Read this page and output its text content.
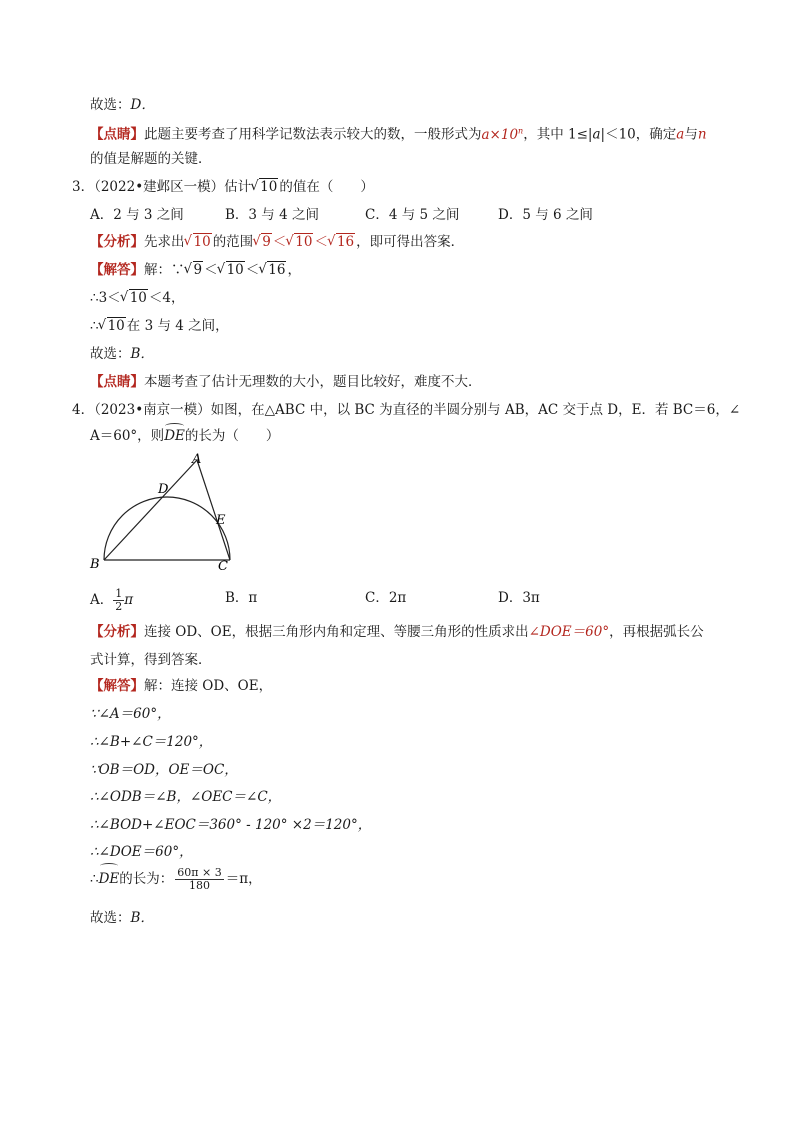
故选：D．
【点睛】此题主要考查了用科学记数法表示较大的数，一般形式为$a\times 10^n$，其中 1≤|a|＜10，确定a与n
的值是解题的关键．
3．（2022•建邺区一模）估计 √ 10 的值在（　　）
A．2 与 3 之间	B．3 与 4 之间	C．4 与 5 之间	D．5 与 6 之间
【分析】先求出 √ 10 的范围 √ 9 ＜ √ 10 ＜ √ 16 ，即可得出答案．
【解答】解：∵ √ 9 ＜ √ 10 ＜ √ 16 ，
∴3＜ √ 10 ＜4，
∴ √ 10 在 3 与 4 之间，
故选：B．
【点睛】本题考查了估计无理数的大小，题目比较好，难度不大．
4．（2023•南京一模）如图，在△ABC 中，以 BC 为直径的半圆分别与 AB，AC 交于点 D，E．若 BC＝6，∠
A＝60°，则DE的长为（　　）
A
B	C
D
E
A． $\frac{1}{2}$ π	B．π	C．2π	D．3π
【分析】连接 OD、OE，根据三角形内角和定理、等腰三角形的性质求出∠DOE＝60°，再根据弧长公
式计算，得到答案．
【解答】解：连接 OD、OE，
∵∠A＝60°，
∴∠B+∠C＝120°，
∵OB＝OD，OE＝OC，
∴∠ODB＝∠B，∠OEC＝∠C，
∴∠BOD+∠EOC＝360° - 120° ×2＝120°，
∴∠DOE＝60°，
∴DE的长为： $\frac{60\pi \times 3}{180} =\pi$，
故选：B．
